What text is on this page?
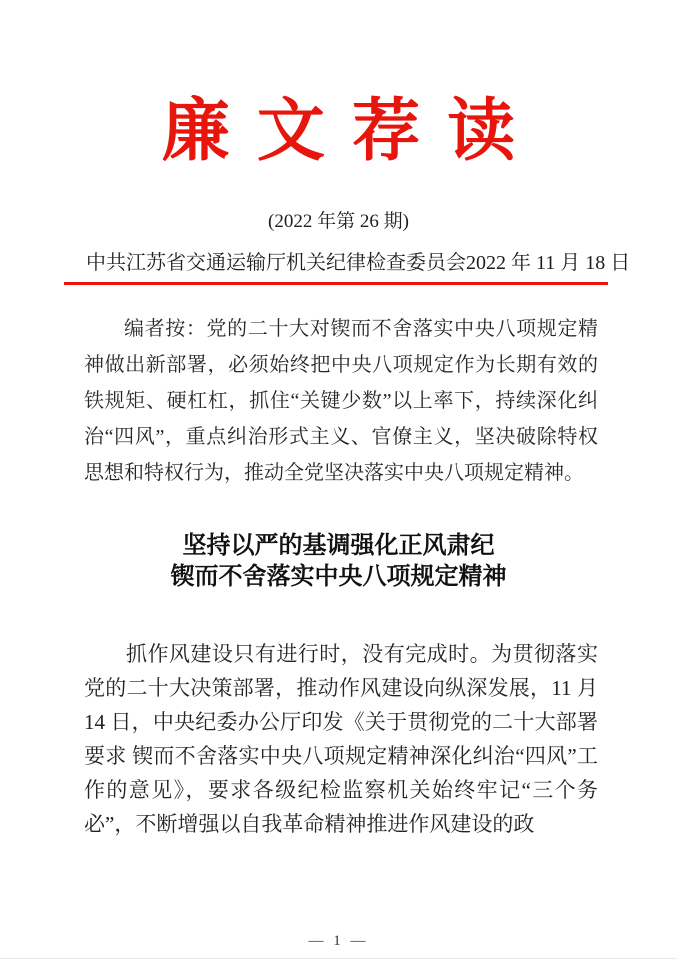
廉文荐读
(2022 年第 26 期)
中共江苏省交通运输厅机关纪律检查委员会 2022 年 11 月 18 日

编者按：党的二十大对锲而不舍落实中央八项规定精神做出新部署，必须始终把中央八项规定作为长期有效的铁规矩、硬杠杠，抓住“关键少数”以上率下，持续深化纠治“四风”，重点纠治形式主义、官僚主义，坚决破除特权思想和特权行为，推动全党坚决落实中央八项规定精神。

坚持以严的基调强化正风肃纪
锲而不舍落实中央八项规定精神

抓作风建设只有进行时，没有完成时。为贯彻落实党的二十大决策部署，推动作风建设向纵深发展，11 月 14 日，中央纪委办公厅印发《关于贯彻党的二十大部署要求 锲而不舍落实中央八项规定精神深化纠治“四风”工作的意见》，要求各级纪检监察机关始终牢记“三个务必”，不断增强以自我革命精神推进作风建设的政

— 1 —
